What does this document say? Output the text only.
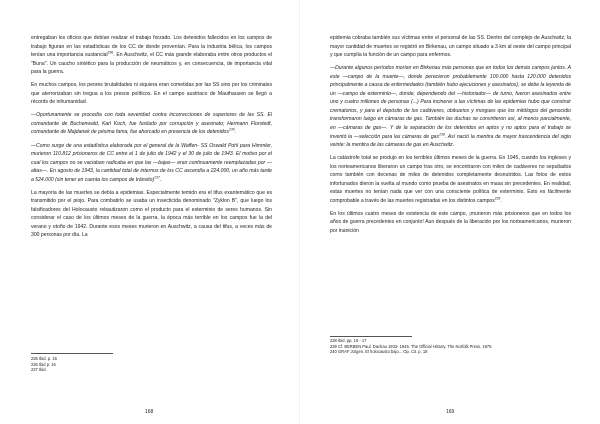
entregaban los oficios que debían realizar el trabajo forzado. Los detenidos fallecidos en los campos de trabajo figuran en las estadísticas de los CC de donde provenían. Para la industria bélica, los campos tenían una importancia sustancial$^{236}$. En Auschwitz, el CC más grande elaboraba entre otros productos el "Buna". Un caucho sintético para la producción de neumáticos y, en consecuencia, de importancia vital para la guerra.

En muchos campos, los peores brutalidades ni siquiera eran cometidas por las SS sino por los criminales que aterrorizaban sin tregua a los presos políticos. En el campo austriaco de Mauthausen se llegó a récords de inhumanidad.

—Oportunamente se procedía con toda severidad contra incorrecciones de superiores de las SS. El comandante de Buchenwald, Karl Koch, fue fusilado por corrupción y asesinato; Hermann Florstedt, comandante de Majdanek de pésima fama, fue ahorcado en presencia de los detenidos$^{236}$.

—Como surge de una estadística elaborada por el general de la Waffen- SS Oswald Pohl para Himmler, murieron 110.812 prisioneros de CC entre el 1 de julio de 1942 y el 30 de julio de 1943. El motivo por el cual los campos no se vaciaban radicaba en que las —bajas— eran continuamente reemplazadas por —altas—. En agosto de 1943, la cantidad total de internos de los CC ascendía a 224.000, un año más tarde a 524.000 (sin tener en cuenta los campos de tránsito)$^{237}$.

La mayoría de las muertes se debía a epidemias. Especialmente temido era el tifus exantemático que es transmitido por el piojo. Para combatirlo se usaba un insecticida denominado "Zyklon B", que luego los falsificadores del Holocausto rebautizaron como el producto para el exterminio de seres humanos. Sin considerar el caso de los últimos meses de la guerra, la época más terrible en los campos fue la del verano y otoño de 1942. Durante esos meses murieron en Auschwitz, a causa del tifus, a veces más de 300 personas por día. La

235 Ibid. p. 15
236 Ibid p. 16
237 Ibid.
168

epidemia cobraba también sus víctimas entre el personal de las SS. Dentro del complejo de Auschwitz, la mayor cantidad de muertes se registró en Birkenau, un campo situado a 3 km al oeste del campo principal y que cumplía la función de un campo para enfermos.

—Durante algunos períodos morían en Birkenau más personas que en todos los demás campos juntos. A este —campo de la muerte—, donde perecieron probablemente 100.000 hasta 120.000 detenidos principalmente a causa de enfermedades (también hubo ejecuciones y asesinatos), se debe la leyenda de un —campo de exterminio—, donde, dependiendo del —historiador— de turno, fueron asesinados entre uno y cuatro millones de personas (...) Para incinerar a las víctimas de las epidemias hubo que construir crematorios, y para el depósito de los cadáveres, obituarios y morgues que los mitólogos del genocidio transformaron luego en cámaras de gas. También las duchas se convirtieron así, al menos parcialmente, en —cámaras de gas—. Y de la separación de los detenidos en aptos y no aptos para el trabajo se inventó la —selección para las cámaras de gas$^{238}$. Así nació la mentira de mayor trascendencia del siglo veinte: la mentira de las cámaras de gas en Auschwitz.

La catástrofe total se produjo en los terribles últimos meses de la guerra. En 1945, cuando los ingleses y los norteamericanos liberaron un campo tras otro, se encontraron con miles de cadáveres no sepultados como también con decenas de miles de detenidos completamente desnutridos. Las fotos de estos infortunados dieron la vuelta al mundo como prueba de asesinatos en masa sin precedentes. En realidad, estas muertes no tenían nada que ver con una consciente política de exterminio. Esto es fácilmente comprobable a través de las muertes registradas en los distintos campos$^{239}$.

En los últimos cuatro meses de existencia de este campo, ¡murieron más prisioneros que en todos los años de guerra precedentes en conjunto! Aun después de la liberación por los norteamericanos, murieron por inanición

238 Ibid. pp. 16 - 17
239 Cf. BERBEN Paul. Dachau 1933- 1945. The Official History. The Norfolk Press, 1975
240 GRAF Jürgen. El holocausto bajo... Op. Cit. p. 18
169
